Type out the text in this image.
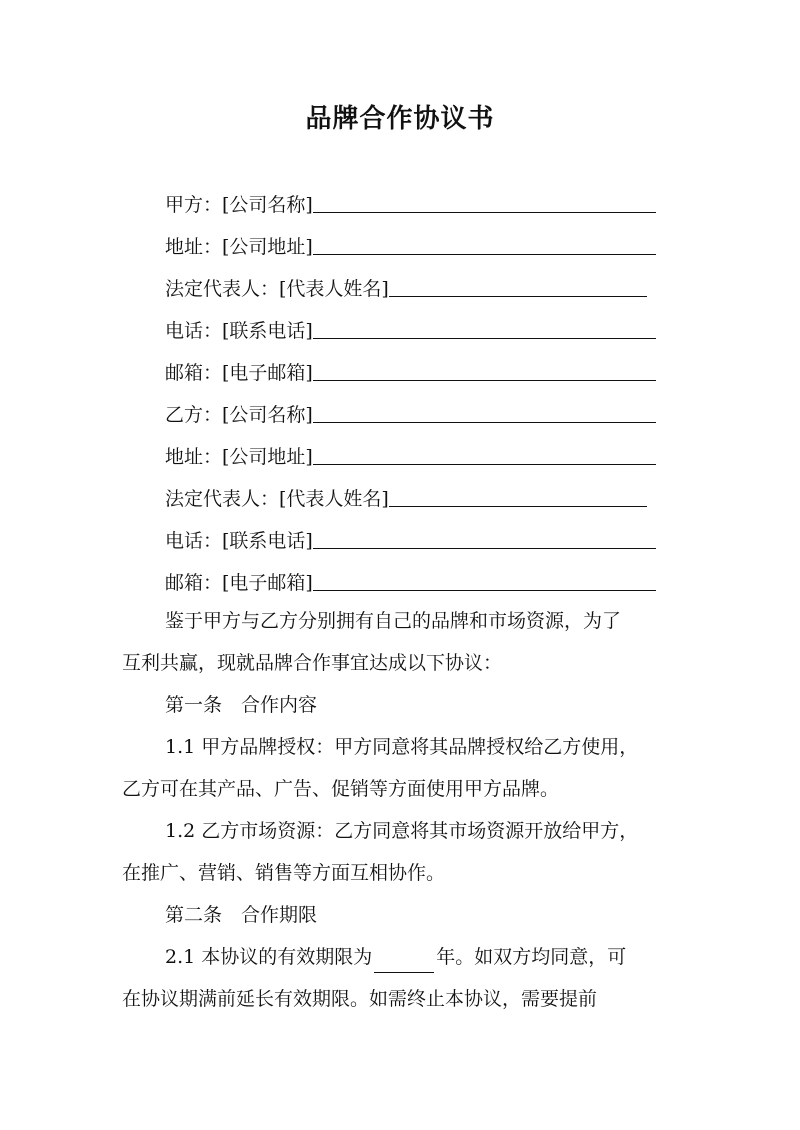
品牌合作协议书
甲方：[公司名称]
地址：[公司地址]
法定代表人：[代表人姓名]
电话：[联系电话]
邮箱：[电子邮箱]
乙方：[公司名称]
地址：[公司地址]
法定代表人：[代表人姓名]
电话：[联系电话]
邮箱：[电子邮箱]
鉴于甲方与乙方分别拥有自己的品牌和市场资源，为了
互利共赢，现就品牌合作事宜达成以下协议：
第一条　合作内容
1.1 甲方品牌授权：甲方同意将其品牌授权给乙方使用，
乙方可在其产品、广告、促销等方面使用甲方品牌。
1.2 乙方市场资源：乙方同意将其市场资源开放给甲方，
在推广、营销、销售等方面互相协作。
第二条　合作期限
2.1 本协议的有效期限为	年。如双方均同意，可
在协议期满前延长有效期限。如需终止本协议，需要提前
